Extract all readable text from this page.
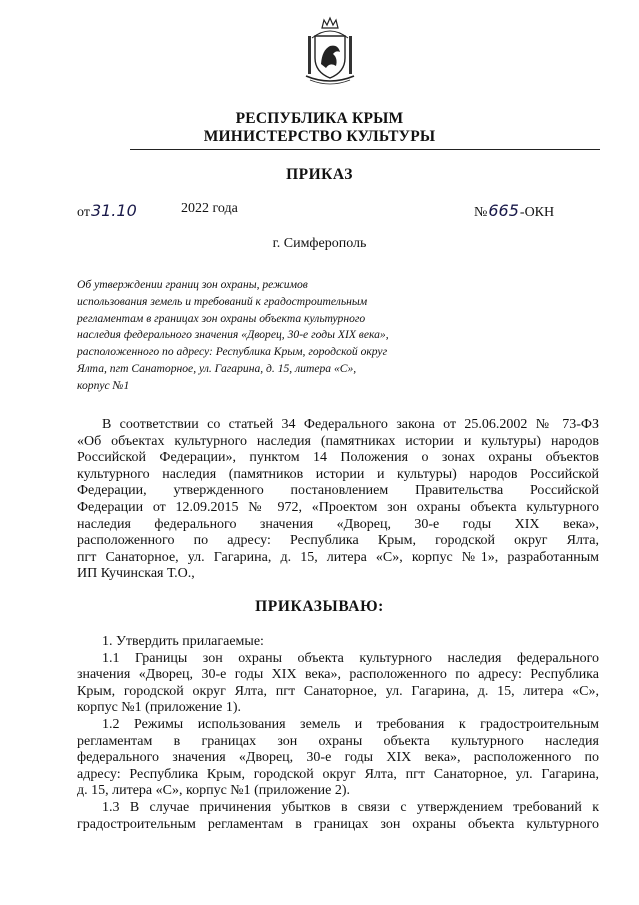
РЕСПУБЛИКА КРЫМ
МИНИСТЕРСТВО КУЛЬТУРЫ
ПРИКАЗ
от31.10	2022 года	№665-ОКН
г. Симферополь
Об утверждении границ зон охраны, режимов
использования земель и требований к градостроительным
регламентам в границах зон охраны объекта культурного
наследия федерального значения «Дворец, 30-е годы XIX века»,
расположенного по адресу: Республика Крым, городской округ
Ялта, пгт Санаторное, ул. Гагарина, д. 15, литера «С»,
корпус №1
В соответствии со статьей 34 Федерального закона от 25.06.2002 № 73-ФЗ
«Об объектах культурного наследия (памятниках истории и культуры) народов
Российской Федерации», пунктом 14 Положения о зонах охраны объектов
культурного наследия (памятников истории и культуры) народов Российской
Федерации, утвержденного постановлением Правительства Российской
Федерации от 12.09.2015 № 972, «Проектом зон охраны объекта культурного
наследия федерального значения «Дворец, 30-е годы XIX века»,
расположенного по адресу: Республика Крым, городской округ Ялта,
пгт Санаторное, ул. Гагарина, д. 15, литера «С», корпус №1», разработанным
ИП Кучинская Т.О.,
ПРИКАЗЫВАЮ:
1. Утвердить прилагаемые:
1.1 Границы зон охраны объекта культурного наследия федерального
значения «Дворец, 30-е годы XIX века», расположенного по адресу: Республика
Крым, городской округ Ялта, пгт Санаторное, ул. Гагарина, д. 15, литера «С»,
корпус №1 (приложение 1).
1.2 Режимы использования земель и требования к градостроительным
регламентам в границах зон охраны объекта культурного наследия
федерального значения «Дворец, 30-е годы XIX века», расположенного по
адресу: Республика Крым, городской округ Ялта, пгт Санаторное, ул. Гагарина,
д. 15, литера «С», корпус №1 (приложение 2).
1.3 В случае причинения убытков в связи с утверждением требований к
градостроительным регламентам в границах зон охраны объекта культурного
